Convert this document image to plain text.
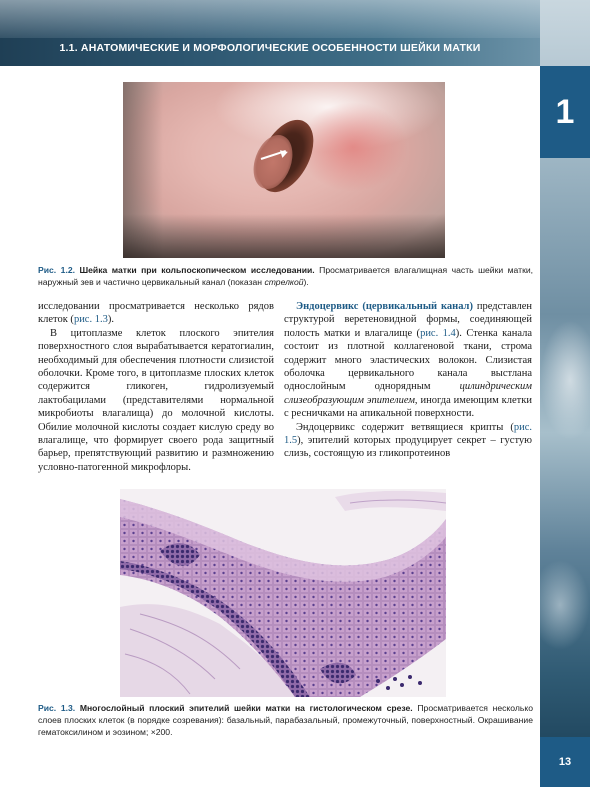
1.1. АНАТОМИЧЕСКИЕ И МОРФОЛОГИЧЕСКИЕ ОСОБЕННОСТИ ШЕЙКИ МАТКИ
1
Рис. 1.2. Шейка матки при кольпоскопическом исследовании. Просматривается влагалищная часть шейки матки, наружный зев и частично цервикальный канал (показан стрелкой).

исследовании просматривается несколько рядов клеток (рис. 1.3).

В цитоплазме клеток плоского эпителия поверхностного слоя вырабатывается кератогиалин, необходимый для обеспечения плотности слизистой оболочки. Кроме того, в цитоплазме плоских клеток содержится гликоген, гидролизуемый лактобацилами (представителями нормальной микробиоты влагалища) до молочной кислоты. Обилие молочной кислоты создает кислую среду во влагалище, что формирует своего рода защитный барьер, препятствующий развитию и размножению условно-патогенной микрофлоры.

Эндоцервикс (цервикальный канал) представлен структурой веретеновидной формы, соединяющей полость матки и влагалище (рис. 1.4). Стенка канала состоит из плотной коллагеновой ткани, строма содержит много эластических волокон. Слизистая оболочка цервикального канала выстлана однослойным однорядным цилиндрическим слизеобразующим эпителием, иногда имеющим клетки с ресничками на апикальной поверхности.

Эндоцервикс содержит ветвящиеся крипты (рис. 1.5), эпителий которых продуцирует секрет – густую слизь, состоящую из гликопротеинов

Рис. 1.3. Многослойный плоский эпителий шейки матки на гистологическом срезе. Просматривается несколько слоев плоских клеток (в порядке созревания): базальный, парабазальный, промежуточный, поверхностный. Окрашивание гематоксилином и эозином; ×200.
13
